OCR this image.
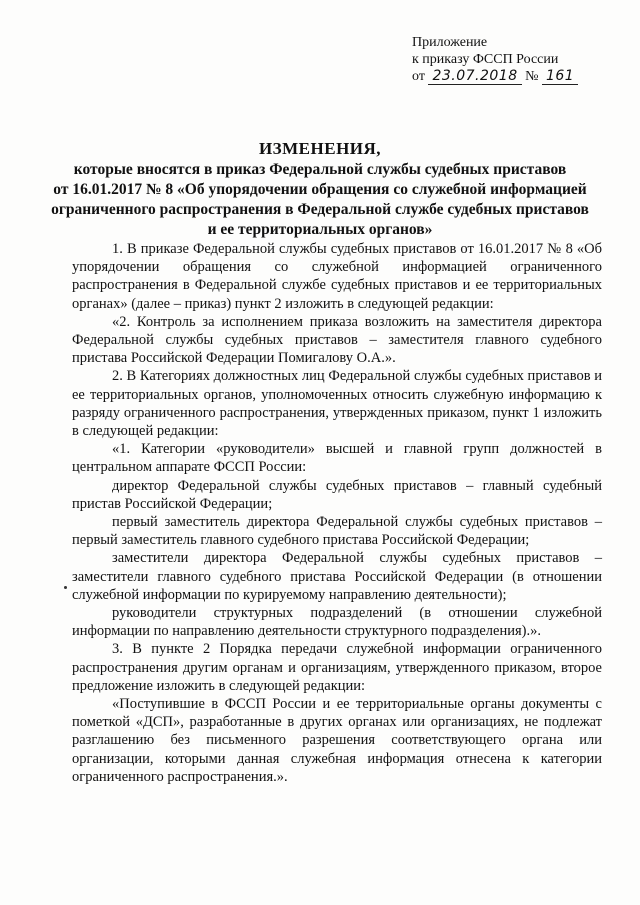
Приложение
к приказу ФССП России
от 23.07.2018 № 161
ИЗМЕНЕНИЯ,
которые вносятся в приказ Федеральной службы судебных приставов
от 16.01.2017 № 8 «Об упорядочении обращения со служебной информацией
ограниченного распространения в Федеральной службе судебных приставов
и ее территориальных органов»

1. В приказе Федеральной службы судебных приставов от 16.01.2017 № 8 «Об упорядочении обращения со служебной информацией ограниченного распространения в Федеральной службе судебных приставов и ее территориальных органах» (далее – приказ) пункт 2 изложить в следующей редакции:

«2. Контроль за исполнением приказа возложить на заместителя директора Федеральной службы судебных приставов – заместителя главного судебного пристава Российской Федерации Помигалову О.А.».

2. В Категориях должностных лиц Федеральной службы судебных приставов и ее территориальных органов, уполномоченных относить служебную информацию к разряду ограниченного распространения, утвержденных приказом, пункт 1 изложить в следующей редакции:

«1. Категории «руководители» высшей и главной групп должностей в центральном аппарате ФССП России:

директор Федеральной службы судебных приставов – главный судебный пристав Российской Федерации;

первый заместитель директора Федеральной службы судебных приставов – первый заместитель главного судебного пристава Российской Федерации;

заместители директора Федеральной службы судебных приставов – заместители главного судебного пристава Российской Федерации (в отношении служебной информации по курируемому направлению деятельности);

руководители структурных подразделений (в отношении служебной информации по направлению деятельности структурного подразделения).».

3. В пункте 2 Порядка передачи служебной информации ограниченного распространения другим органам и организациям, утвержденного приказом, второе предложение изложить в следующей редакции:

«Поступившие в ФССП России и ее территориальные органы документы с пометкой «ДСП», разработанные в других органах или организациях, не подлежат разглашению без письменного разрешения соответствующего органа или организации, которыми данная служебная информация отнесена к категории ограниченного распространения.».
